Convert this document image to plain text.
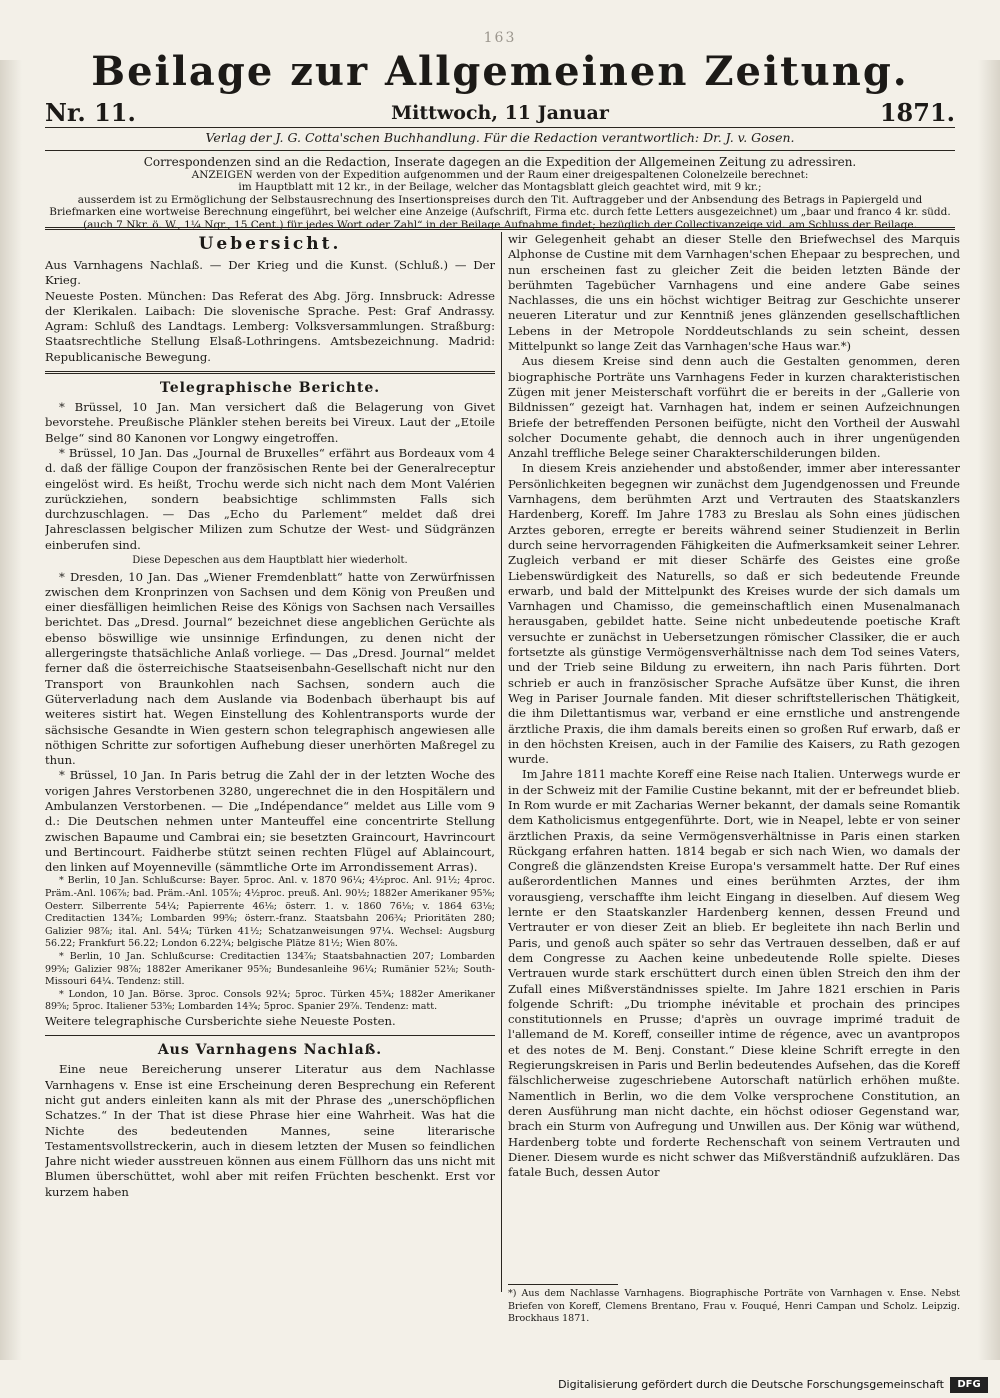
163
Beilage zur Allgemeinen Zeitung.
Nr. 11.	Mittwoch, 11 Januar	1871.
Verlag der J. G. Cotta'schen Buchhandlung. Für die Redaction verantwortlich: Dr. J. v. Gosen.
Correspondenzen sind an die Redaction, Inserate dagegen an die Expedition der Allgemeinen Zeitung zu adressiren.
ANZEIGEN werden von der Expedition aufgenommen und der Raum einer dreigespaltenen Colonelzeile berechnet:
im Hauptblatt mit 12 kr., in der Beilage, welcher das Montagsblatt gleich geachtet wird, mit 9 kr.;
ausserdem ist zu Ermöglichung der Selbstausrechnung des Insertionspreises durch den Tit. Auftraggeber und der Anbsendung des Betrags in Papiergeld und Briefmarken eine wortweise Berechnung eingeführt, bei welcher eine Anzeige (Aufschrift, Firma etc. durch fette Letters ausgezeichnet) um „baar und franco 4 kr. südd. (auch 7 Nkr. ö. W., 1¼ Ngr., 15 Cent.) für jedes Wort oder Zahl“ in der Beilage Aufnahme findet; bezüglich der Collectivanzeige vid. am Schluss der Beilage.
Uebersicht.

Aus Varnhagens Nachlaß. — Der Krieg und die Kunst. (Schluß.) — Der Krieg.

Neueste Posten. München: Das Referat des Abg. Jörg. Innsbruck: Adresse der Klerikalen. Laibach: Die slovenische Sprache. Pest: Graf Andrassy. Agram: Schluß des Landtags. Lemberg: Volksversammlungen. Straßburg: Staatsrechtliche Stellung Elsaß-Lothringens. Amtsbezeichnung. Madrid: Republicanische Bewegung.

Telegraphische Berichte.

* Brüssel, 10 Jan. Man versichert daß die Belagerung von Givet bevorstehe. Preußische Plänkler stehen bereits bei Vireux. Laut der „Etoile Belge“ sind 80 Kanonen vor Longwy eingetroffen.

* Brüssel, 10 Jan. Das „Journal de Bruxelles“ erfährt aus Bordeaux vom 4 d. daß der fällige Coupon der französischen Rente bei der Generalreceptur eingelöst wird. Es heißt, Trochu werde sich nicht nach dem Mont Valérien zurückziehen, sondern beabsichtige schlimmsten Falls sich durchzuschlagen. — Das „Echo du Parlement“ meldet daß drei Jahresclassen belgischer Milizen zum Schutze der West- und Südgränzen einberufen sind.

Diese Depeschen aus dem Hauptblatt hier wiederholt.

* Dresden, 10 Jan. Das „Wiener Fremdenblatt“ hatte von Zerwürfnissen zwischen dem Kronprinzen von Sachsen und dem König von Preußen und einer diesfälligen heimlichen Reise des Königs von Sachsen nach Versailles berichtet. Das „Dresd. Journal“ bezeichnet diese angeblichen Gerüchte als ebenso böswillige wie unsinnige Erfindungen, zu denen nicht der allergeringste thatsächliche Anlaß vorliege. — Das „Dresd. Journal“ meldet ferner daß die österreichische Staatseisenbahn-Gesellschaft nicht nur den Transport von Braunkohlen nach Sachsen, sondern auch die Güterverladung nach dem Auslande via Bodenbach überhaupt bis auf weiteres sistirt hat. Wegen Einstellung des Kohlentransports wurde der sächsische Gesandte in Wien gestern schon telegraphisch angewiesen alle nöthigen Schritte zur sofortigen Aufhebung dieser unerhörten Maßregel zu thun.

* Brüssel, 10 Jan. In Paris betrug die Zahl der in der letzten Woche des vorigen Jahres Verstorbenen 3280, ungerechnet die in den Hospitälern und Ambulanzen Verstorbenen. — Die „Indépendance“ meldet aus Lille vom 9 d.: Die Deutschen nehmen unter Manteuffel eine concentrirte Stellung zwischen Bapaume und Cambrai ein; sie besetzten Graincourt, Havrincourt und Bertincourt. Faidherbe stützt seinen rechten Flügel auf Ablaincourt, den linken auf Moyenneville (sämmtliche Orte im Arrondissement Arras).

* Berlin, 10 Jan. Schlußcurse: Bayer. 5proc. Anl. v. 1870 96¼; 4½proc. Anl. 91½; 4proc. Präm.-Anl. 106⅞; bad. Präm.-Anl. 105⅞; 4½proc. preuß. Anl. 90½; 1882er Amerikaner 95⅝; Oesterr. Silberrente 54¼; Papierrente 46⅛; österr. 1. v. 1860 76⅛; v. 1864 63⅛; Creditactien 134⅞; Lombarden 99⅝; österr.-franz. Staatsbahn 206¾; Prioritäten 280; Galizier 98⅞; ital. Anl. 54¼; Türken 41½; Schatzanweisungen 97¼. Wechsel: Augsburg 56.22; Frankfurt 56.22; London 6.22¾; belgische Plätze 81½; Wien 80⅞.

* Berlin, 10 Jan. Schlußcurse: Creditactien 134⅞; Staatsbahnactien 207; Lombarden 99⅝; Galizier 98⅞; 1882er Amerikaner 95⅝; Bundesanleihe 96¼; Rumänier 52⅛; South-Missouri 64¼. Tendenz: still.

* London, 10 Jan. Börse. 3proc. Consols 92¼; 5proc. Türken 45¾; 1882er Amerikaner 89⅝; 5proc. Italiener 53⅝; Lombarden 14¾; 5proc. Spanier 29⅞. Tendenz: matt.

Weitere telegraphische Cursberichte siehe Neueste Posten.

Aus Varnhagens Nachlaß.

Eine neue Bereicherung unserer Literatur aus dem Nachlasse Varnhagens v. Ense ist eine Erscheinung deren Besprechung ein Referent nicht gut anders einleiten kann als mit der Phrase des „unerschöpflichen Schatzes.“ In der That ist diese Phrase hier eine Wahrheit. Was hat die Nichte des bedeutenden Mannes, seine literarische Testamentsvollstreckerin, auch in diesem letzten der Musen so feindlichen Jahre nicht wieder ausstreuen können aus einem Füllhorn das uns nicht mit Blumen überschüttet, wohl aber mit reifen Früchten beschenkt. Erst vor kurzem haben

wir Gelegenheit gehabt an dieser Stelle den Briefwechsel des Marquis Alphonse de Custine mit dem Varnhagen'schen Ehepaar zu besprechen, und nun erscheinen fast zu gleicher Zeit die beiden letzten Bände der berühmten Tagebücher Varnhagens und eine andere Gabe seines Nachlasses, die uns ein höchst wichtiger Beitrag zur Geschichte unserer neueren Literatur und zur Kenntniß jenes glänzenden gesellschaftlichen Lebens in der Metropole Norddeutschlands zu sein scheint, dessen Mittelpunkt so lange Zeit das Varnhagen'sche Haus war.*)

Aus diesem Kreise sind denn auch die Gestalten genommen, deren biographische Porträte uns Varnhagens Feder in kurzen charakteristischen Zügen mit jener Meisterschaft vorführt die er bereits in der „Gallerie von Bildnissen“ gezeigt hat. Varnhagen hat, indem er seinen Aufzeichnungen Briefe der betreffenden Personen beifügte, nicht den Vortheil der Auswahl solcher Documente gehabt, die dennoch auch in ihrer ungenügenden Anzahl treffliche Belege seiner Charakterschilderungen bilden.

In diesem Kreis anziehender und abstoßender, immer aber interessanter Persönlichkeiten begegnen wir zunächst dem Jugendgenossen und Freunde Varnhagens, dem berühmten Arzt und Vertrauten des Staatskanzlers Hardenberg, Koreff. Im Jahre 1783 zu Breslau als Sohn eines jüdischen Arztes geboren, erregte er bereits während seiner Studienzeit in Berlin durch seine hervorragenden Fähigkeiten die Aufmerksamkeit seiner Lehrer. Zugleich verband er mit dieser Schärfe des Geistes eine große Liebenswürdigkeit des Naturells, so daß er sich bedeutende Freunde erwarb, und bald der Mittelpunkt des Kreises wurde der sich damals um Varnhagen und Chamisso, die gemeinschaftlich einen Musenalmanach herausgaben, gebildet hatte. Seine nicht unbedeutende poetische Kraft versuchte er zunächst in Uebersetzungen römischer Classiker, die er auch fortsetzte als günstige Vermögensverhältnisse nach dem Tod seines Vaters, und der Trieb seine Bildung zu erweitern, ihn nach Paris führten. Dort schrieb er auch in französischer Sprache Aufsätze über Kunst, die ihren Weg in Pariser Journale fanden. Mit dieser schriftstellerischen Thätigkeit, die ihm Dilettantismus war, verband er eine ernstliche und anstrengende ärztliche Praxis, die ihm damals bereits einen so großen Ruf erwarb, daß er in den höchsten Kreisen, auch in der Familie des Kaisers, zu Rath gezogen wurde.

Im Jahre 1811 machte Koreff eine Reise nach Italien. Unterwegs wurde er in der Schweiz mit der Familie Custine bekannt, mit der er befreundet blieb. In Rom wurde er mit Zacharias Werner bekannt, der damals seine Romantik dem Katholicismus entgegenführte. Dort, wie in Neapel, lebte er von seiner ärztlichen Praxis, da seine Vermögensverhältnisse in Paris einen starken Rückgang erfahren hatten. 1814 begab er sich nach Wien, wo damals der Congreß die glänzendsten Kreise Europa's versammelt hatte. Der Ruf eines außerordentlichen Mannes und eines berühmten Arztes, der ihm vorausgieng, verschaffte ihm leicht Eingang in dieselben. Auf diesem Weg lernte er den Staatskanzler Hardenberg kennen, dessen Freund und Vertrauter er von dieser Zeit an blieb. Er begleitete ihn nach Berlin und Paris, und genoß auch später so sehr das Vertrauen desselben, daß er auf dem Congresse zu Aachen keine unbedeutende Rolle spielte. Dieses Vertrauen wurde stark erschüttert durch einen üblen Streich den ihm der Zufall eines Mißverständnisses spielte. Im Jahre 1821 erschien in Paris folgende Schrift: „Du triomphe inévitable et prochain des principes constitutionnels en Prusse; d'après un ouvrage imprimé traduit de l'allemand de M. Koreff, conseiller intime de régence, avec un avantpropos et des notes de M. Benj. Constant.“ Diese kleine Schrift erregte in den Regierungskreisen in Paris und Berlin bedeutendes Aufsehen, das die Koreff fälschlicherweise zugeschriebene Autorschaft natürlich erhöhen mußte. Namentlich in Berlin, wo die dem Volke versprochene Constitution, an deren Ausführung man nicht dachte, ein höchst odioser Gegenstand war, brach ein Sturm von Aufregung und Unwillen aus. Der König war wüthend, Hardenberg tobte und forderte Rechenschaft von seinem Vertrauten und Diener. Diesem wurde es nicht schwer das Mißverständniß aufzuklären. Das fatale Buch, dessen Autor

*) Aus dem Nachlasse Varnhagens. Biographische Porträte von Varnhagen v. Ense. Nebst Briefen von Koreff, Clemens Brentano, Frau v. Fouqué, Henri Campan und Scholz. Leipzig. Brockhaus 1871.
Digitalisierung gefördert durch die Deutsche Forschungsgemeinschaft	DFG
